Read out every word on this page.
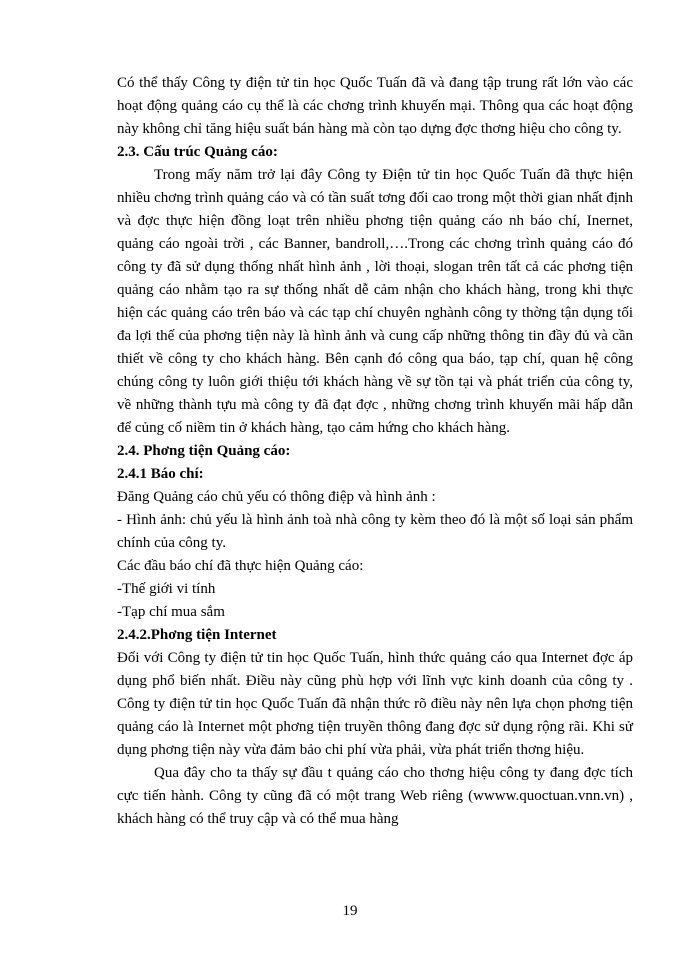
Có thể thấy Công ty điện tử tin học Quốc Tuấn đã và đang tập trung rất lớn vào các hoạt động quảng cáo cụ thể là các chơng trình khuyến mại. Thông qua các hoạt động này không chỉ tăng hiệu suất bán hàng mà còn tạo dựng đợc thơng hiệu cho công ty.

2.3. Cấu trúc Quảng cáo:

Trong mấy năm trở lại đây Công ty Điện tử tin học Quốc Tuấn đã thực hiện nhiều chơng trình quảng cáo và có tần suất tơng đối cao trong một thời gian nhất định và đợc thực hiện đồng loạt trên nhiều phơng tiện quảng cáo nh báo chí, Inernet, quảng cáo ngoài trời , các Banner, bandroll,….Trong các chơng trình quảng cáo đó công ty đã sử dụng thống nhất hình ảnh , lời thoại, slogan trên tất cả các phơng tiện quảng cáo nhằm tạo ra sự thống nhất dễ cảm nhận cho khách hàng, trong khi thực hiện các quảng cáo trên báo và các tạp chí chuyên nghành công ty thờng tận dụng tối đa lợi thế của phơng tiện này là hình ảnh và cung cấp những thông tin đầy đủ và cần thiết về công ty cho khách hàng. Bên cạnh đó công qua báo, tạp chí, quan hệ công chúng công ty luôn giới thiệu tới khách hàng về sự tồn tại và phát triển của công ty, về những thành tựu mà công ty đã đạt đợc , những chơng trình khuyến mãi hấp dẫn để củng cố niềm tin ở khách hàng, tạo cảm hứng cho khách hàng.

2.4. Phơng tiện Quảng cáo:
2.4.1 Báo chí:

Đăng Quảng cáo chủ yếu có thông điệp và hình ảnh :

- Hình ảnh: chủ yếu là hình ảnh toà nhà công ty kèm theo đó là một số loại sản phẩm chính của công ty.

Các đầu báo chí đã thực hiện Quảng cáo:

-Thế giới vi tính

-Tạp chí mua sắm

2.4.2.Phơng tiện Internet

Đối với Công ty điện tử tin học Quốc Tuấn, hình thức quảng cáo qua Internet đợc áp dụng phổ biến nhất. Điều này cũng phù hợp với lĩnh vực kinh doanh của công ty . Công ty điện tử tin học Quốc Tuấn đã nhận thức rõ điều này nên lựa chọn phơng tiện quảng cáo là Internet một phơng tiện truyền thông đang đợc sử dụng rộng rãi. Khi sử dụng phơng tiện này vừa đảm bảo chi phí vừa phải, vừa phát triển thơng hiệu.

Qua đây cho ta thấy sự đầu t quảng cáo cho thơng hiệu công ty đang đợc tích cực tiến hành. Công ty cũng đã có một trang Web riêng (wwww.quoctuan.vnn.vn) , khách hàng có thể truy cập và có thể mua hàng

19
